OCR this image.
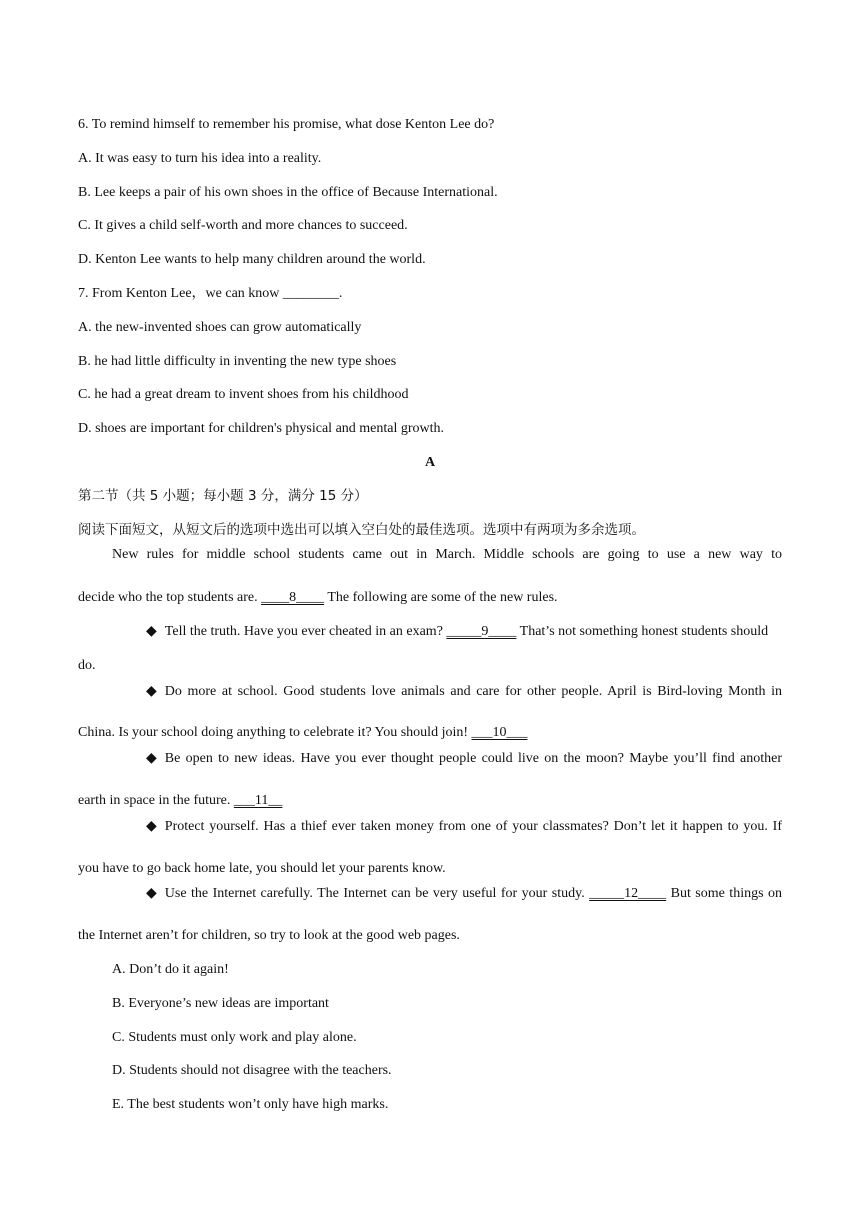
6. To remind himself to remember his promise, what dose Kenton Lee do?
A. It was easy to turn his idea into a reality.
B. Lee keeps a pair of his own shoes in the office of Because International.
C. It gives a child self-worth and more chances to succeed.
D. Kenton Lee wants to help many children around the world.
7. From Kenton Lee，we can know ________.
A. the new-invented shoes can grow automatically
B. he had little difficulty in inventing the new type shoes
C. he had a great dream to invent shoes from his childhood
D. shoes are important for children's physical and mental growth.
A
第二节（共 5 小题；每小题 3 分，满分 15 分）
阅读下面短文，从短文后的选项中选出可以填入空白处的最佳选项。选项中有两项为多余选项。
New rules for middle school students came out in March. Middle schools are going to use a new way to
decide who the top students are. ____8____ The following are some of the new rules.
◆ Tell the truth. Have you ever cheated in an exam? _____9____ That’s not something honest students should
do.
◆ Do more at school. Good students love animals and care for other people. April is Bird-loving Month in
China. Is your school doing anything to celebrate it? You should join! ___10___
◆ Be open to new ideas. Have you ever thought people could live on the moon? Maybe you’ll find another
earth in space in the future. ___11__
◆ Protect yourself. Has a thief ever taken money from one of your classmates? Don’t let it happen to you. If
you have to go back home late, you should let your parents know.
◆ Use the Internet carefully. The Internet can be very useful for your study. _____12____ But some things on
the Internet aren’t for children, so try to look at the good web pages.
A. Don’t do it again!
B. Everyone’s new ideas are important
C. Students must only work and play alone.
D. Students should not disagree with the teachers.
E. The best students won’t only have high marks.
